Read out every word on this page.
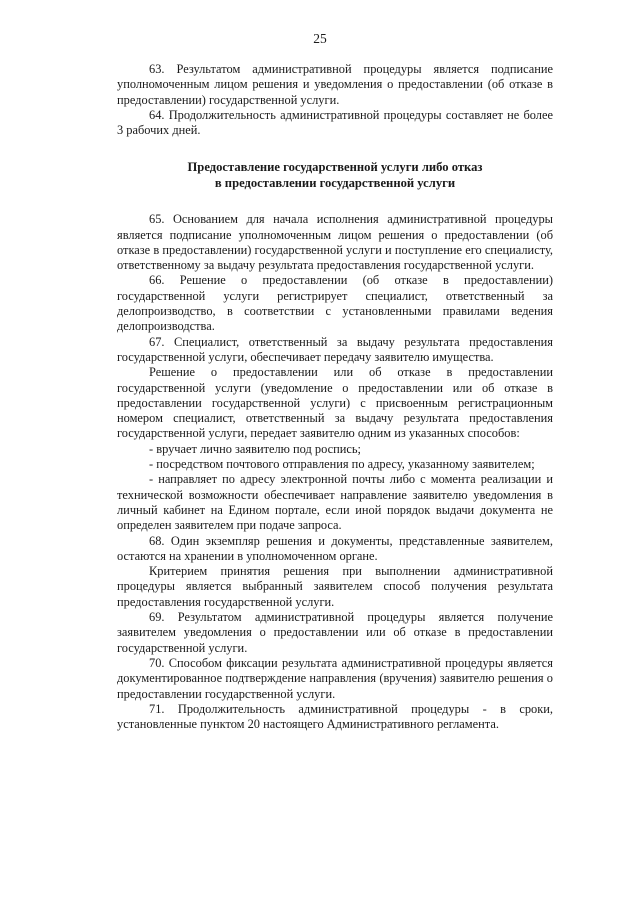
25

63. Результатом административной процедуры является подписание уполномоченным лицом решения и уведомления о предоставлении (об отказе в предоставлении) государственной услуги.

64. Продолжительность административной процедуры составляет не более 3 рабочих дней.

Предоставление государственной услуги либо отказ
в предоставлении государственной услуги

65. Основанием для начала исполнения административной процедуры является подписание уполномоченным лицом решения о предоставлении (об отказе в предоставлении) государственной услуги и поступление его специалисту, ответственному за выдачу результата предоставления государственной услуги.

66. Решение о предоставлении (об отказе в предоставлении) государственной услуги регистрирует специалист, ответственный за делопроизводство, в соответствии с установленными правилами ведения делопроизводства.

67. Специалист, ответственный за выдачу результата предоставления государственной услуги, обеспечивает передачу заявителю имущества.

Решение о предоставлении или об отказе в предоставлении государственной услуги (уведомление о предоставлении или об отказе в предоставлении государственной услуги) с присвоенным регистрационным номером специалист, ответственный за выдачу результата предоставления государственной услуги, передает заявителю одним из указанных способов:

- вручает лично заявителю под роспись;

- посредством почтового отправления по адресу, указанному заявителем;

- направляет по адресу электронной почты либо с момента реализации и технической возможности обеспечивает направление заявителю уведомления в личный кабинет на Едином портале, если иной порядок выдачи документа не определен заявителем при подаче запроса.

68. Один экземпляр решения и документы, представленные заявителем, остаются на хранении в уполномоченном органе.

Критерием принятия решения при выполнении административной процедуры является выбранный заявителем способ получения результата предоставления государственной услуги.

69. Результатом административной процедуры является получение заявителем уведомления о предоставлении или об отказе в предоставлении государственной услуги.

70. Способом фиксации результата административной процедуры является документированное подтверждение направления (вручения) заявителю решения о предоставлении государственной услуги.

71. Продолжительность административной процедуры - в сроки, установленные пунктом 20 настоящего Административного регламента.
